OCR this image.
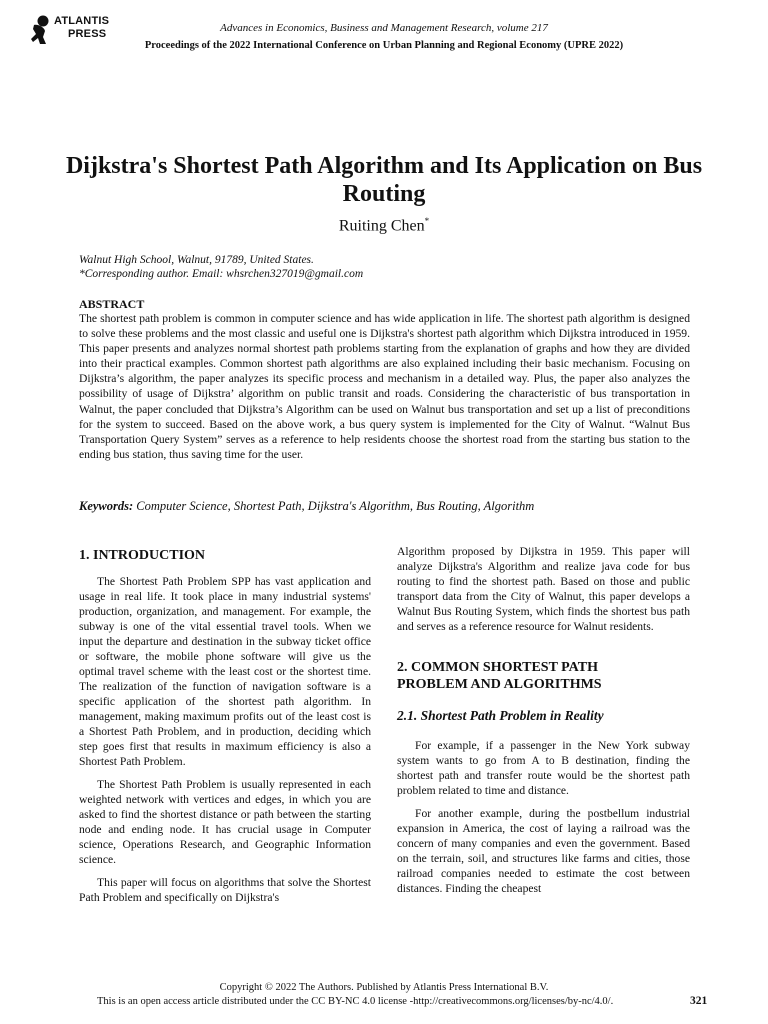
ATLANTIS
PRESS	Advances in Economics, Business and Management Research, volume 217
Proceedings of the 2022 International Conference on Urban Planning and Regional Economy (UPRE 2022)
Dijkstra's Shortest Path Algorithm and Its Application on Bus Routing
Ruiting Chen*
Walnut High School, Walnut, 91789, United States.
*Corresponding author. Email: whsrchen327019@gmail.com
ABSTRACT
The shortest path problem is common in computer science and has wide application in life. The shortest path algorithm is designed to solve these problems and the most classic and useful one is Dijkstra's shortest path algorithm which Dijkstra introduced in 1959. This paper presents and analyzes normal shortest path problems starting from the explanation of graphs and how they are divided into their practical examples. Common shortest path algorithms are also explained including their basic mechanism. Focusing on Dijkstra’s algorithm, the paper analyzes its specific process and mechanism in a detailed way. Plus, the paper also analyzes the possibility of usage of Dijkstra’ algorithm on public transit and roads. Considering the characteristic of bus transportation in Walnut, the paper concluded that Dijkstra’s Algorithm can be used on Walnut bus transportation and set up a list of preconditions for the system to succeed. Based on the above work, a bus query system is implemented for the City of Walnut. “Walnut Bus Transportation Query System” serves as a reference to help residents choose the shortest road from the starting bus station to the ending bus station, thus saving time for the user.
Keywords: Computer Science, Shortest Path, Dijkstra's Algorithm, Bus Routing, Algorithm
1. INTRODUCTION

The Shortest Path Problem SPP has vast application and usage in real life. It took place in many industrial systems' production, organization, and management. For example, the subway is one of the vital essential travel tools. When we input the departure and destination in the subway ticket office or software, the mobile phone software will give us the optimal travel scheme with the least cost or the shortest time. The realization of the function of navigation software is a specific application of the shortest path algorithm. In management, making maximum profits out of the least cost is a Shortest Path Problem, and in production, deciding which step goes first that results in maximum efficiency is also a Shortest Path Problem.

The Shortest Path Problem is usually represented in each weighted network with vertices and edges, in which you are asked to find the shortest distance or path between the starting node and ending node. It has crucial usage in Computer science, Operations Research, and Geographic Information science.

This paper will focus on algorithms that solve the Shortest Path Problem and specifically on Dijkstra's

Algorithm proposed by Dijkstra in 1959. This paper will analyze Dijkstra's Algorithm and realize java code for bus routing to find the shortest path. Based on those and public transport data from the City of Walnut, this paper develops a Walnut Bus Routing System, which finds the shortest bus path and serves as a reference resource for Walnut residents.

2. COMMON SHORTEST PATH PROBLEM AND ALGORITHMS
2.1. Shortest Path Problem in Reality

For example, if a passenger in the New York subway system wants to go from A to B destination, finding the shortest path and transfer route would be the shortest path problem related to time and distance.

For another example, during the postbellum industrial expansion in America, the cost of laying a railroad was the concern of many companies and even the government. Based on the terrain, soil, and structures like farms and cities, those railroad companies needed to estimate the cost between distances. Finding the cheapest

Copyright © 2022 The Authors. Published by Atlantis Press International B.V.
This is an open access article distributed under the CC BY-NC 4.0 license -http://creativecommons.org/licenses/by-nc/4.0/.	321
